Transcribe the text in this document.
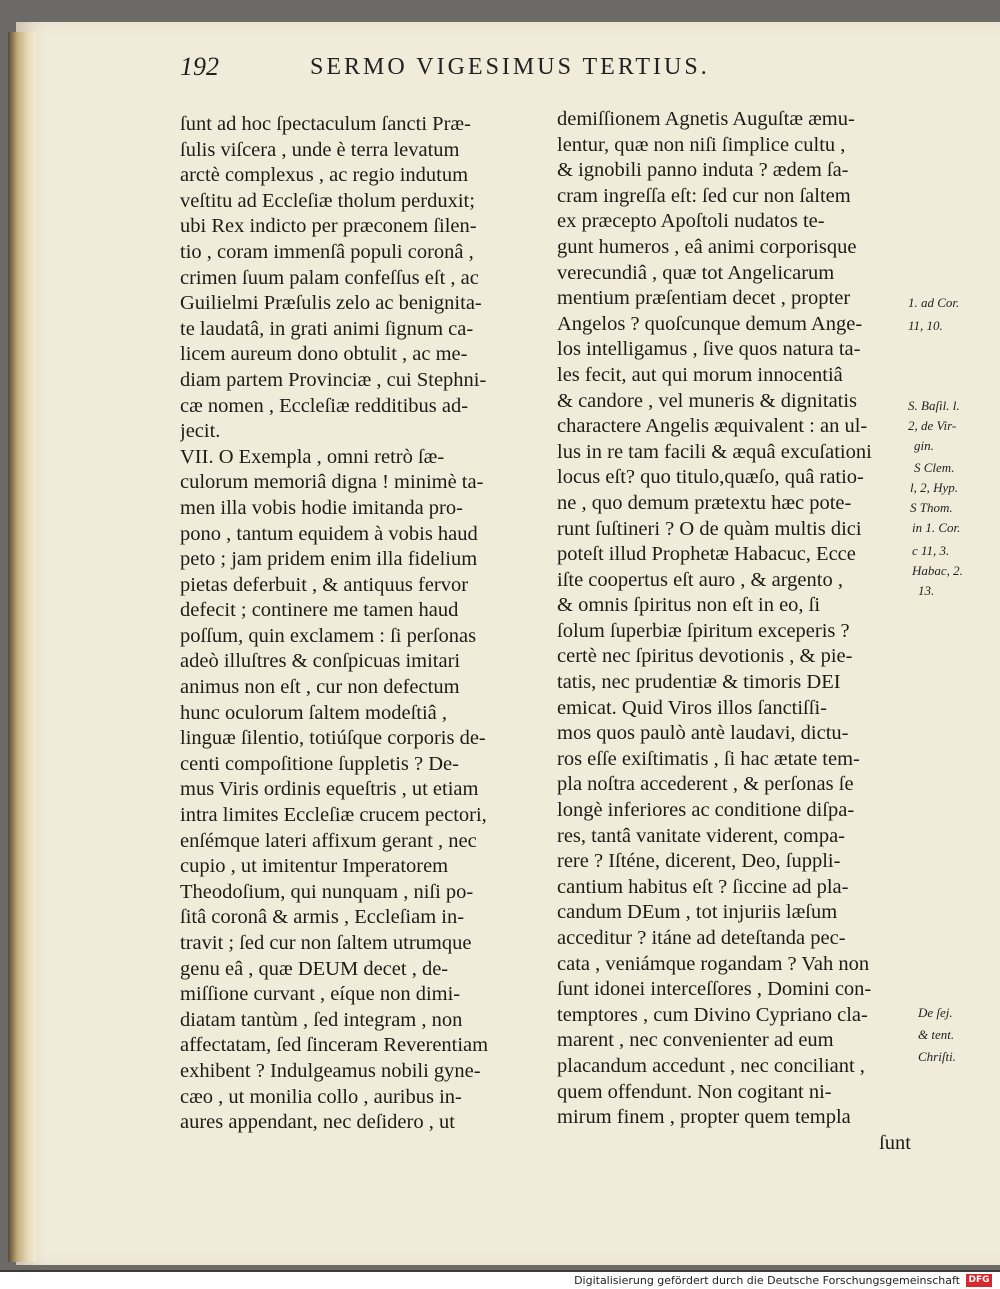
192	SERMO VIGESIMUS TERTIUS.
ſunt ad hoc ſpectaculum ſancti Præ-
ſulis viſcera , unde è terra levatum
arctè complexus , ac regio indutum
veſtitu ad Eccleſiæ tholum perduxit;
ubi Rex indicto per præconem ſilen-
tio , coram immenſâ populi coronâ ,
crimen ſuum palam confeſſus eſt , ac
Guilielmi Præſulis zelo ac benignita-
te laudatâ, in grati animi ſignum ca-
licem aureum dono obtulit , ac me-
diam partem Provinciæ , cui Stephni-
cæ nomen , Eccleſiæ redditibus ad-
jecit.
VII. O Exempla , omni retrò ſæ-
culorum memoriâ digna ! minimè ta-
men illa vobis hodie imitanda pro-
pono , tantum equidem à vobis haud
peto ; jam pridem enim illa fidelium
pietas deferbuit , & antiquus fervor
defecit ; continere me tamen haud
poſſum, quin exclamem : ſi perſonas
adeò illuſtres & conſpicuas imitari
animus non eſt , cur non defectum
hunc oculorum ſaltem modeſtiâ ,
linguæ ſilentio, totiúſque corporis de-
centi compoſitione ſuppletis ? De-
mus Viris ordinis equeſtris , ut etiam
intra limites Eccleſiæ crucem pectori,
enſémque lateri affixum gerant , nec
cupio , ut imitentur Imperatorem
Theodoſium, qui nunquam , niſi po-
ſitâ coronâ & armis , Eccleſiam in-
travit ; ſed cur non ſaltem utrumque
genu eâ , quæ DEUM decet , de-
miſſione curvant , eíque non dimi-
diatam tantùm , ſed integram , non
affectatam, ſed ſinceram Reverentiam
exhibent ? Indulgeamus nobili gyne-
cæo , ut monilia collo , auribus in-
aures appendant, nec deſidero , ut
demiſſionem Agnetis Auguſtæ æmu-
lentur, quæ non niſi ſimplice cultu ,
& ignobili panno induta ? ædem ſa-
cram ingreſſa eſt: ſed cur non ſaltem
ex præcepto Apoſtoli nudatos te-
gunt humeros , eâ animi corporisque
verecundiâ , quæ tot Angelicarum
mentium præſentiam decet , propter
Angelos ? quoſcunque demum Ange-
los intelligamus , ſive quos natura ta-
les fecit, aut qui morum innocentiâ
& candore , vel muneris & dignitatis
charactere Angelis æquivalent : an ul-
lus in re tam facili & æquâ excuſationi
locus eſt? quo titulo,quæſo, quâ ratio-
ne , quo demum prætextu hæc pote-
runt ſuſtineri ? O de quàm multis dici
poteſt illud Prophetæ Habacuc, Ecce
iſte coopertus eſt auro , & argento ,
& omnis ſpiritus non eſt in eo, ſi
ſolum ſuperbiæ ſpiritum exceperis ?
certè nec ſpiritus devotionis , & pie-
tatis, nec prudentiæ & timoris DEI
emicat. Quid Viros illos ſanctiſſi-
mos quos paulò antè laudavi, dictu-
ros eſſe exiſtimatis , ſi hac ætate tem-
pla noſtra accederent , & perſonas ſe
longè inferiores ac conditione diſpa-
res, tantâ vanitate viderent, compa-
rere ? Iſténe, dicerent, Deo, ſuppli-
cantium habitus eſt ? ſiccine ad pla-
candum DEum , tot injuriis læſum
acceditur ? itáne ad deteſtanda pec-
cata , veniámque rogandam ? Vah non
ſunt idonei interceſſores , Domini con-
temptores , cum Divino Cypriano cla-
marent , nec convenienter ad eum
placandum accedunt , nec conciliant ,
quem offendunt. Non cogitant ni-
mirum finem , propter quem templa
ſunt
1. ad Cor.
11, 10.
S. Baſil. l.
2, de Vir-
gin.
S Clem.
l, 2, Hyp.
S Thom.
in 1. Cor.
c 11, 3.
Habac, 2.
13.
De ſej.
& tent.
Chriſti.
Digitalisierung gefördert durch die Deutsche Forschungsgemeinschaft DFG
